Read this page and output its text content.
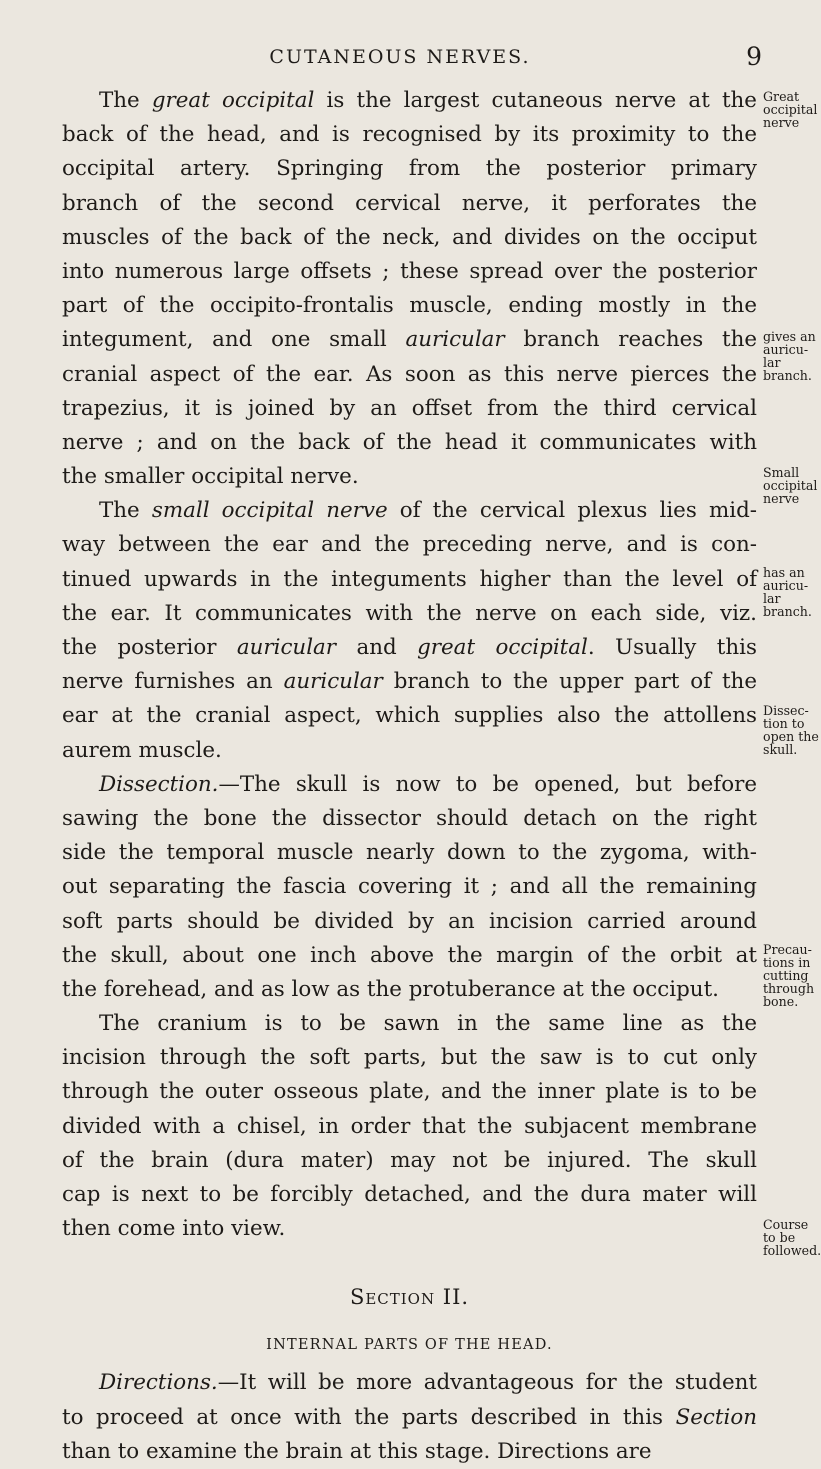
CUTANEOUS NERVES.	9
The great occipital is the largest cutaneous nerve at the
back of the head, and is recognised by its proximity to the
occipital artery. Springing from the posterior primary
branch of the second cervical nerve, it perforates the
muscles of the back of the neck, and divides on the occiput
into numerous large offsets ; these spread over the posterior
part of the occipito-frontalis muscle, ending mostly in the
integument, and one small auricular branch reaches the
cranial aspect of the ear. As soon as this nerve pierces the
trapezius, it is joined by an offset from the third cervical
nerve ; and on the back of the head it communicates with
the smaller occipital nerve.
The small occipital nerve of the cervical plexus lies mid-
way between the ear and the preceding nerve, and is con-
tinued upwards in the integuments higher than the level of
the ear. It communicates with the nerve on each side, viz.
the posterior auricular and great occipital. Usually this
nerve furnishes an auricular branch to the upper part of the
ear at the cranial aspect, which supplies also the attollens
aurem muscle.
Dissection.—The skull is now to be opened, but before
sawing the bone the dissector should detach on the right
side the temporal muscle nearly down to the zygoma, with-
out separating the fascia covering it ; and all the remaining
soft parts should be divided by an incision carried around
the skull, about one inch above the margin of the orbit at
the forehead, and as low as the protuberance at the occiput.
The cranium is to be sawn in the same line as the
incision through the soft parts, but the saw is to cut only
through the outer osseous plate, and the inner plate is to be
divided with a chisel, in order that the subjacent membrane
of the brain (dura mater) may not be injured. The skull
cap is next to be forcibly detached, and the dura mater will
then come into view.
Section II.
INTERNAL PARTS OF THE HEAD.
Directions.—It will be more advantageous for the student
to proceed at once with the parts described in this Section
than to examine the brain at this stage. Directions are
Great
occipital
nerve
gives an
auricu-
lar
branch.
Small
occipital
nerve
has an
auricu-
lar
branch.
Dissec-
tion to
open the
skull.
Precau-
tions in
cutting
through
bone.
Course
to be
followed.
